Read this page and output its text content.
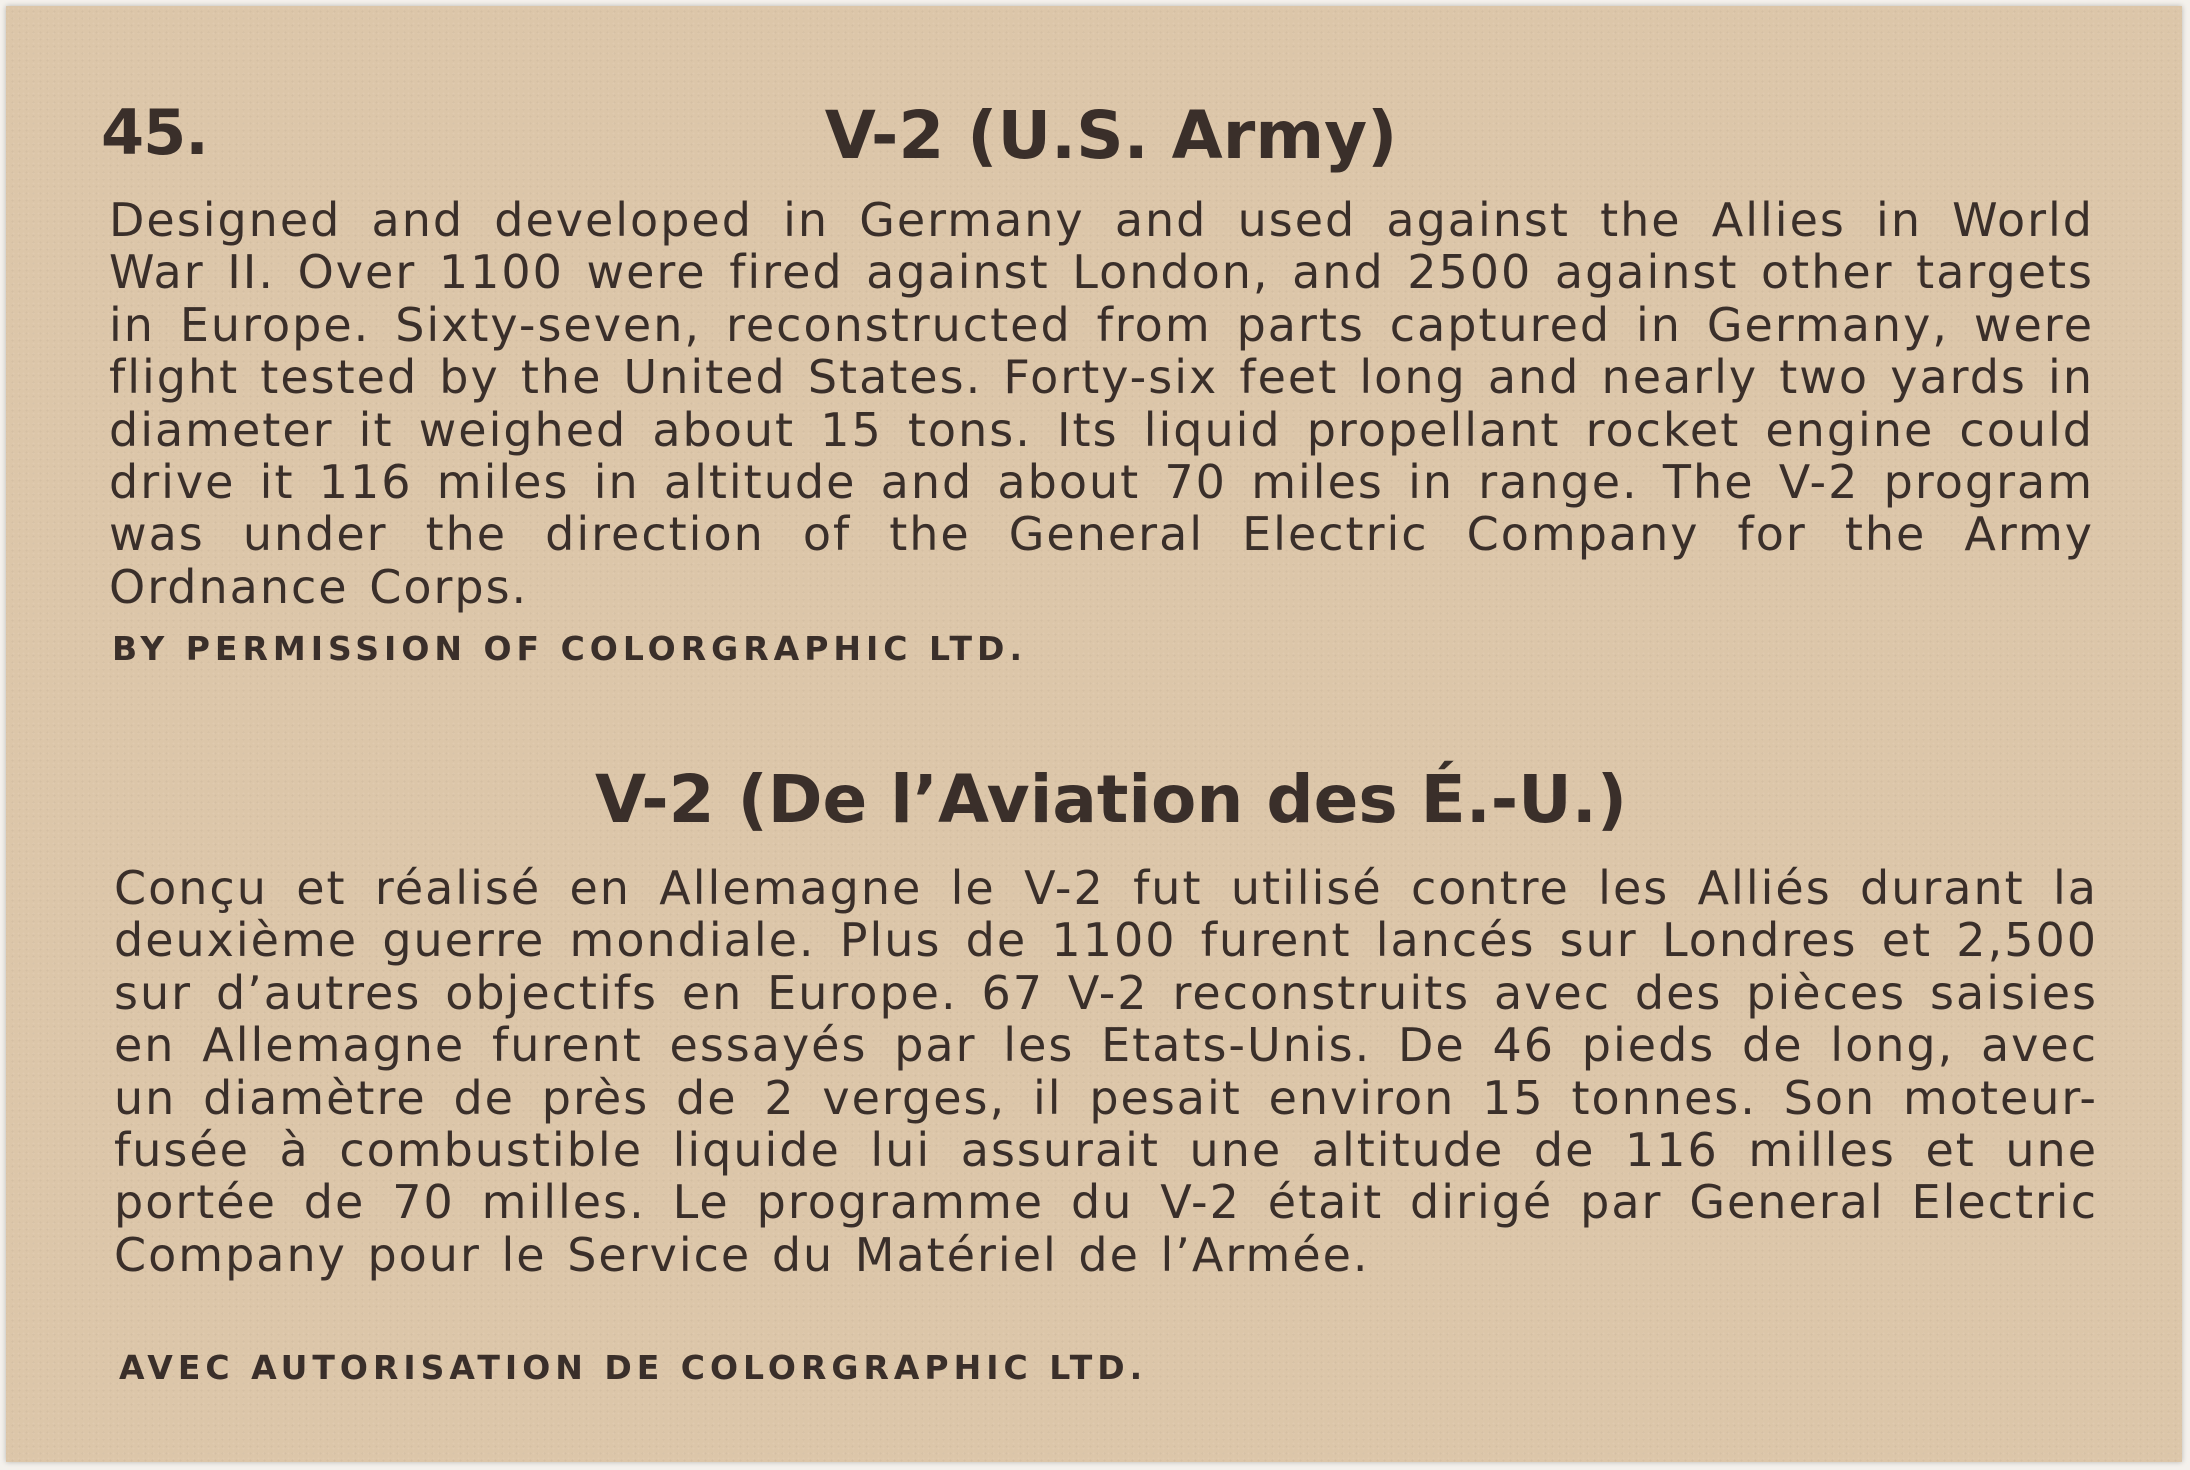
45.	V-2 (U.S. Army)

Designed and developed in Germany and used against the Allies in World War II. Over 1100 were fired against London, and 2500 against other targets in Europe. Sixty-seven, reconstructed from parts captured in Germany, were flight tested by the United States. Forty-six feet long and nearly two yards in diameter it weighed about 15 tons. Its liquid propellant rocket engine could drive it 116 miles in altitude and about 70 miles in range. The V-2 program was under the direction of the General Electric Company for the Army Ordnance Corps.

BY PERMISSION OF COLORGRAPHIC LTD.
V-2 (De l’Aviation des É.-U.)

Conçu et réalisé en Allemagne le V-2 fut utilisé contre les Alliés durant la deuxième guerre mondiale. Plus de 1100 furent lancés sur Londres et 2,500 sur d’autres objectifs en Europe. 67 V-2 reconstruits avec des pièces saisies en Allemagne furent essayés par les Etats-Unis. De 46 pieds de long, avec un diamètre de près de 2 verges, il pesait environ 15 tonnes. Son moteur-fusée à combustible liquide lui assurait une altitude de 116 milles et une portée de 70 milles. Le programme du V-2 était dirigé par General Electric Company pour le Service du Matériel de l’Armée.

AVEC AUTORISATION DE COLORGRAPHIC LTD.
